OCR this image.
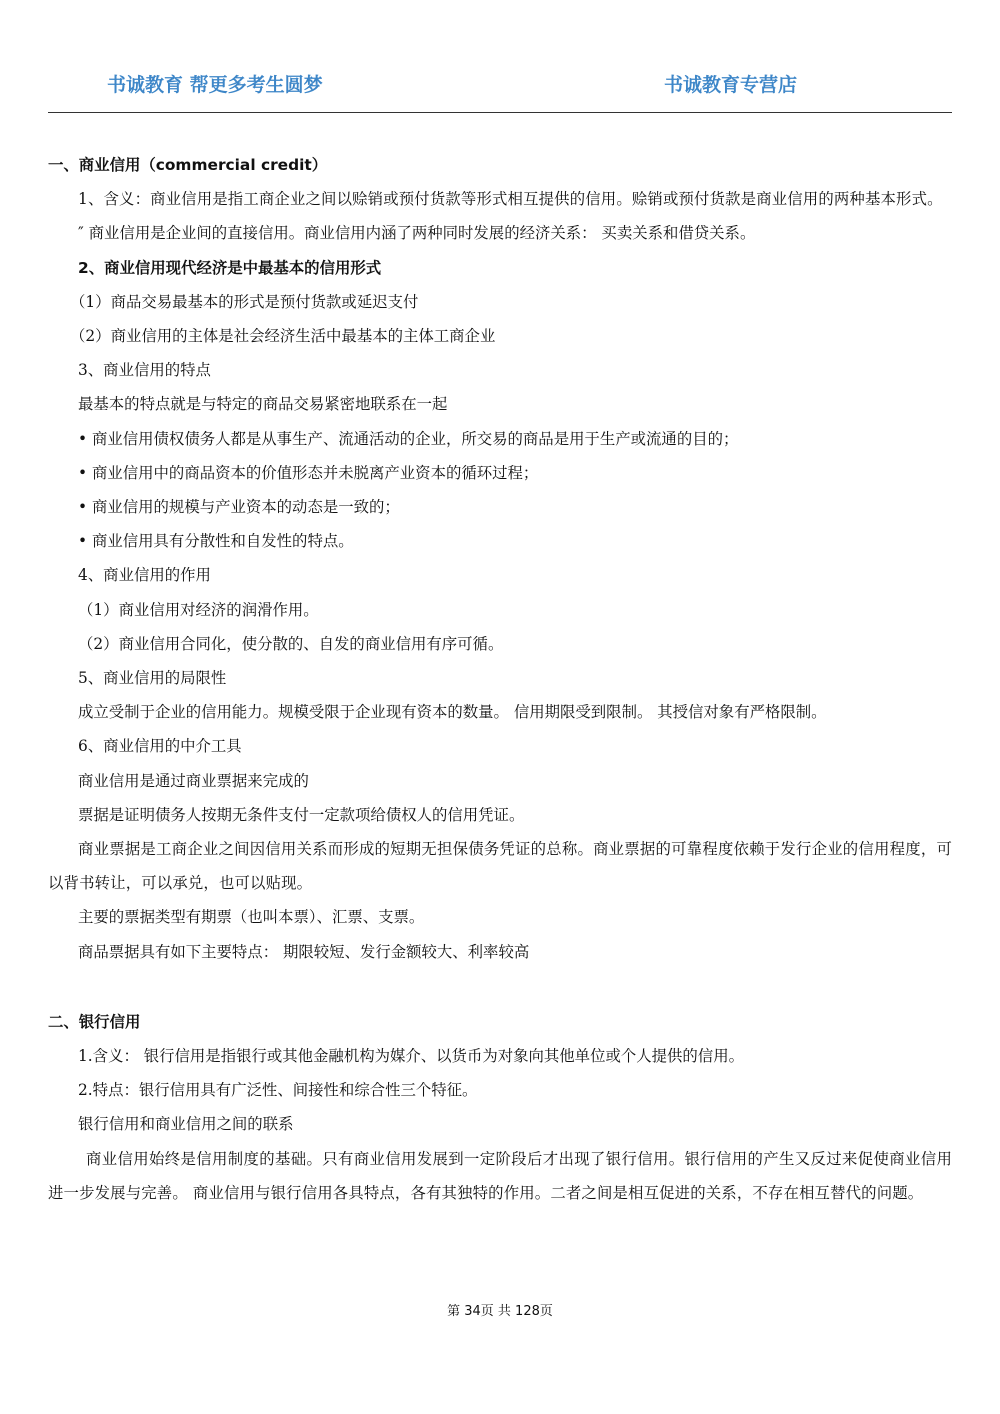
书诚教育 帮更多考生圆梦	书诚教育专营店

一、商业信用（commercial credit）

1、含义：商业信用是指工商企业之间以赊销或预付货款等形式相互提供的信用。赊销或预付货款是商业信用的两种基本形式。

″ 商业信用是企业间的直接信用。商业信用内涵了两种同时发展的经济关系： 买卖关系和借贷关系。

2、商业信用现代经济是中最基本的信用形式

（1）商品交易最基本的形式是预付货款或延迟支付

（2）商业信用的主体是社会经济生活中最基本的主体工商企业

3、商业信用的特点

最基本的特点就是与特定的商品交易紧密地联系在一起

• 商业信用债权债务人都是从事生产、流通活动的企业，所交易的商品是用于生产或流通的目的；

• 商业信用中的商品资本的价值形态并未脱离产业资本的循环过程；

• 商业信用的规模与产业资本的动态是一致的；

• 商业信用具有分散性和自发性的特点。

4、商业信用的作用

（1）商业信用对经济的润滑作用。

（2）商业信用合同化，使分散的、自发的商业信用有序可循。

5、商业信用的局限性

成立受制于企业的信用能力。规模受限于企业现有资本的数量。 信用期限受到限制。 其授信对象有严格限制。

6、商业信用的中介工具

商业信用是通过商业票据来完成的

票据是证明债务人按期无条件支付一定款项给债权人的信用凭证。

商业票据是工商企业之间因信用关系而形成的短期无担保债务凭证的总称。商业票据的可靠程度依赖于发行企业的信用程度，可以背书转让，可以承兑，也可以贴现。

主要的票据类型有期票（也叫本票）、汇票、支票。

商品票据具有如下主要特点： 期限较短、发行金额较大、利率较高

二、银行信用

1.含义： 银行信用是指银行或其他金融机构为媒介、以货币为对象向其他单位或个人提供的信用。

2.特点：银行信用具有广泛性、间接性和综合性三个特征。

银行信用和商业信用之间的联系

商业信用始终是信用制度的基础。只有商业信用发展到一定阶段后才出现了银行信用。银行信用的产生又反过来促使商业信用进一步发展与完善。 商业信用与银行信用各具特点，各有其独特的作用。二者之间是相互促进的关系，不存在相互替代的问题。

第 34页 共 128页
